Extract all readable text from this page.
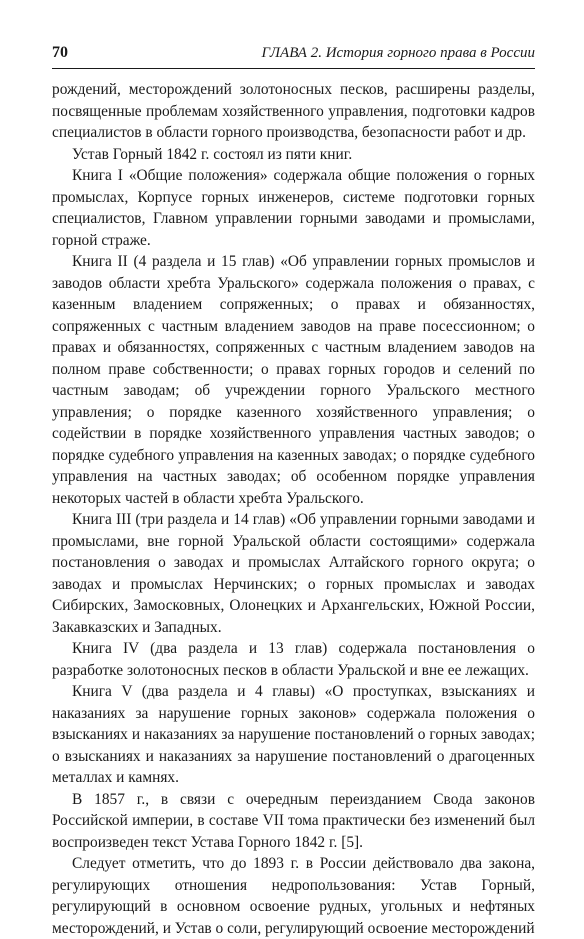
70	ГЛАВА 2. История горного права в России

рождений, месторождений золотоносных песков, расширены разделы, посвященные проблемам хозяйственного управления, подготовки кадров специалистов в области горного производства, безопасности работ и др.

Устав Горный 1842 г. состоял из пяти книг.

Книга I «Общие положения» содержала общие положения о горных промыслах, Корпусе горных инженеров, системе подготовки горных специалистов, Главном управлении горными заводами и промыслами, горной страже.

Книга II (4 раздела и 15 глав) «Об управлении горных промыслов и заводов области хребта Уральского» содержала положения о правах, с казенным владением сопряженных; о правах и обязанностях, сопряженных с частным владением заводов на праве посессионном; о правах и обязанностях, сопряженных с частным владением заводов на полном праве собственности; о правах горных городов и селений по частным заводам; об учреждении горного Уральского местного управления; о порядке казенного хозяйственного управления; о содействии в порядке хозяйственного управления частных заводов; о порядке судебного управления на казенных заводах; о порядке судебного управления на частных заводах; об особенном порядке управления некоторых частей в области хребта Уральского.

Книга III (три раздела и 14 глав) «Об управлении горными заводами и промыслами, вне горной Уральской области состоящими» содержала постановления о заводах и промыслах Алтайского горного округа; о заводах и промыслах Нерчинских; о горных промыслах и заводах Сибирских, Замосковных, Олонецких и Архангельских, Южной России, Закавказских и Западных.

Книга IV (два раздела и 13 глав) содержала постановления о разработке золотоносных песков в области Уральской и вне ее лежащих.

Книга V (два раздела и 4 главы) «О проступках, взысканиях и наказаниях за нарушение горных законов» содержала положения о взысканиях и наказаниях за нарушение постановлений о горных заводах; о взысканиях и наказаниях за нарушение постановлений о драгоценных металлах и камнях.

В 1857 г., в связи с очередным переизданием Свода законов Российской империи, в составе VII тома практически без изменений был воспроизведен текст Устава Горного 1842 г. [5].

Следует отметить, что до 1893 г. в России действовало два закона, регулирующих отношения недропользования: Устав Горный, регулирующий в основном освоение рудных, угольных и нефтяных месторождений, и Устав о соли, регулирующий освоение месторождений
